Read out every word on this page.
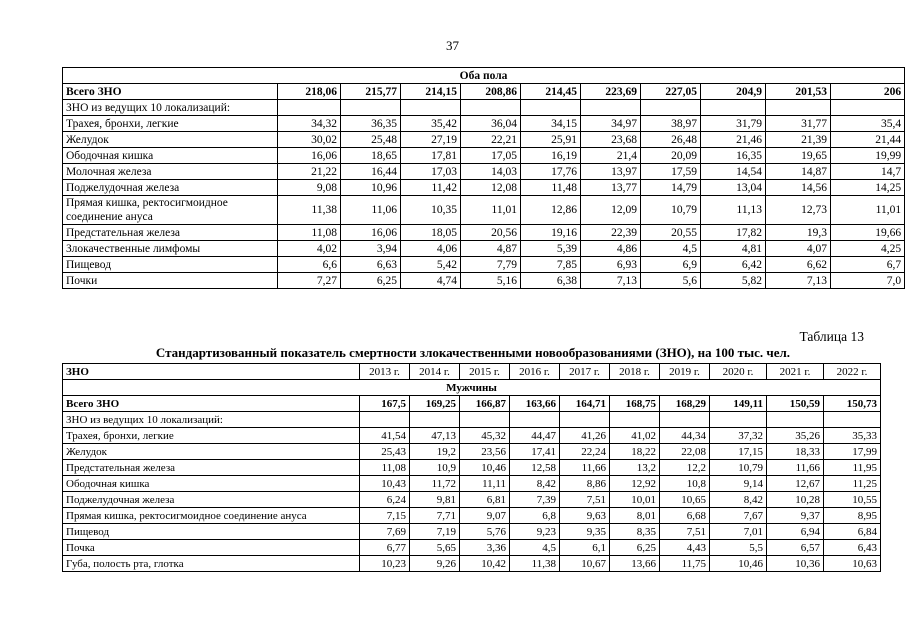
37
Оба пола										
Всего ЗНО	218,06	215,77	214,15	208,86	214,45	223,69	227,05	204,9	201,53	206
ЗНО из ведущих 10 локализаций:										
Трахея, бронхи, легкие	34,32	36,35	35,42	36,04	34,15	34,97	38,97	31,79	31,77	35,4
Желудок	30,02	25,48	27,19	22,21	25,91	23,68	26,48	21,46	21,39	21,44
Ободочная кишка	16,06	18,65	17,81	17,05	16,19	21,4	20,09	16,35	19,65	19,99
Молочная железа	21,22	16,44	17,03	14,03	17,76	13,97	17,59	14,54	14,87	14,7
Поджелудочная железа	9,08	10,96	11,42	12,08	11,48	13,77	14,79	13,04	14,56	14,25
Прямая кишка, ректосигмоидное соединение ануса	11,38	11,06	10,35	11,01	12,86	12,09	10,79	11,13	12,73	11,01
Предстательная железа	11,08	16,06	18,05	20,56	19,16	22,39	20,55	17,82	19,3	19,66
Злокачественные лимфомы	4,02	3,94	4,06	4,87	5,39	4,86	4,5	4,81	4,07	4,25
Пищевод	6,6	6,63	5,42	7,79	7,85	6,93	6,9	6,42	6,62	6,7
Почки	7,27	6,25	4,74	5,16	6,38	7,13	5,6	5,82	7,13	7,0
Таблица 13
Стандартизованный показатель смертности злокачественными новообразованиями (ЗНО), на 100 тыс. чел.
ЗНО	2013 г.	2014 г.	2015 г.	2016 г.	2017 г.	2018 г.	2019 г.	2020 г.	2021 г.	2022 г.
Мужчины										
Всего ЗНО	167,5	169,25	166,87	163,66	164,71	168,75	168,29	149,11	150,59	150,73
ЗНО из ведущих 10 локализаций:										
Трахея, бронхи, легкие	41,54	47,13	45,32	44,47	41,26	41,02	44,34	37,32	35,26	35,33
Желудок	25,43	19,2	23,56	17,41	22,24	18,22	22,08	17,15	18,33	17,99
Предстательная железа	11,08	10,9	10,46	12,58	11,66	13,2	12,2	10,79	11,66	11,95
Ободочная кишка	10,43	11,72	11,11	8,42	8,86	12,92	10,8	9,14	12,67	11,25
Поджелудочная железа	6,24	9,81	6,81	7,39	7,51	10,01	10,65	8,42	10,28	10,55
Прямая кишка, ректосигмоидное соединение ануса	7,15	7,71	9,07	6,8	9,63	8,01	6,68	7,67	9,37	8,95
Пищевод	7,69	7,19	5,76	9,23	9,35	8,35	7,51	7,01	6,94	6,84
Почка	6,77	5,65	3,36	4,5	6,1	6,25	4,43	5,5	6,57	6,43
Губа, полость рта, глотка	10,23	9,26	10,42	11,38	10,67	13,66	11,75	10,46	10,36	10,63
